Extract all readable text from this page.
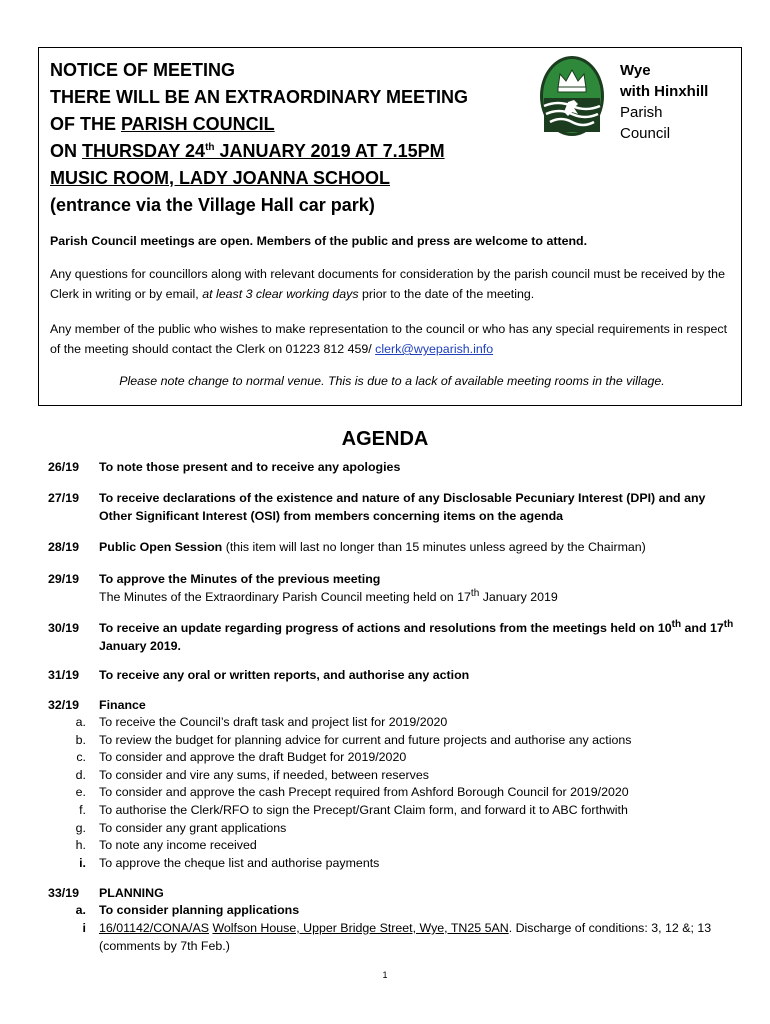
NOTICE OF MEETING
THERE WILL BE AN EXTRAORDINARY MEETING
OF THE PARISH COUNCIL
ON THURSDAY 24th JANUARY 2019 AT 7.15PM
MUSIC ROOM, LADY JOANNA SCHOOL
(entrance via the Village Hall car park)
Wye
with Hinxhill
Parish
Council
Parish Council meetings are open. Members of the public and press are welcome to attend.
Any questions for councillors along with relevant documents for consideration by the parish council must be received by the Clerk in writing or by email, at least 3 clear working days prior to the date of the meeting.
Any member of the public who wishes to make representation to the council or who has any special requirements in respect of the meeting should contact the Clerk on 01223 812 459/ clerk@wyeparish.info
Please note change to normal venue. This is due to a lack of available meeting rooms in the village.
AGENDA
26/19	To note those present and to receive any apologies
27/19	To receive declarations of the existence and nature of any Disclosable Pecuniary Interest (DPI) and any Other Significant Interest (OSI) from members concerning items on the agenda
28/19	Public Open Session (this item will last no longer than 15 minutes unless agreed by the Chairman)
29/19	To approve the Minutes of the previous meeting
The Minutes of the Extraordinary Parish Council meeting held on 17th January 2019
30/19	To receive an update regarding progress of actions and resolutions from the meetings held on 10th and 17th January 2019.
31/19	To receive any oral or written reports, and authorise any action
32/19	Finance
a. To receive the Council’s draft task and project list for 2019/2020
b. To review the budget for planning advice for current and future projects and authorise any actions
c. To consider and approve the draft Budget for 2019/2020
d. To consider and vire any sums, if needed, between reserves
e. To consider and approve the cash Precept required from Ashford Borough Council for 2019/2020
f. To authorise the Clerk/RFO to sign the Precept/Grant Claim form, and forward it to ABC forthwith
g. To consider any grant applications
h. To note any income received
i. To approve the cheque list and authorise payments
33/19	PLANNING
a. To consider planning applications
i 16/01142/CONA/AS Wolfson House, Upper Bridge Street, Wye, TN25 5AN. Discharge of conditions: 3, 12 &; 13 (comments by 7th Feb.)
1
